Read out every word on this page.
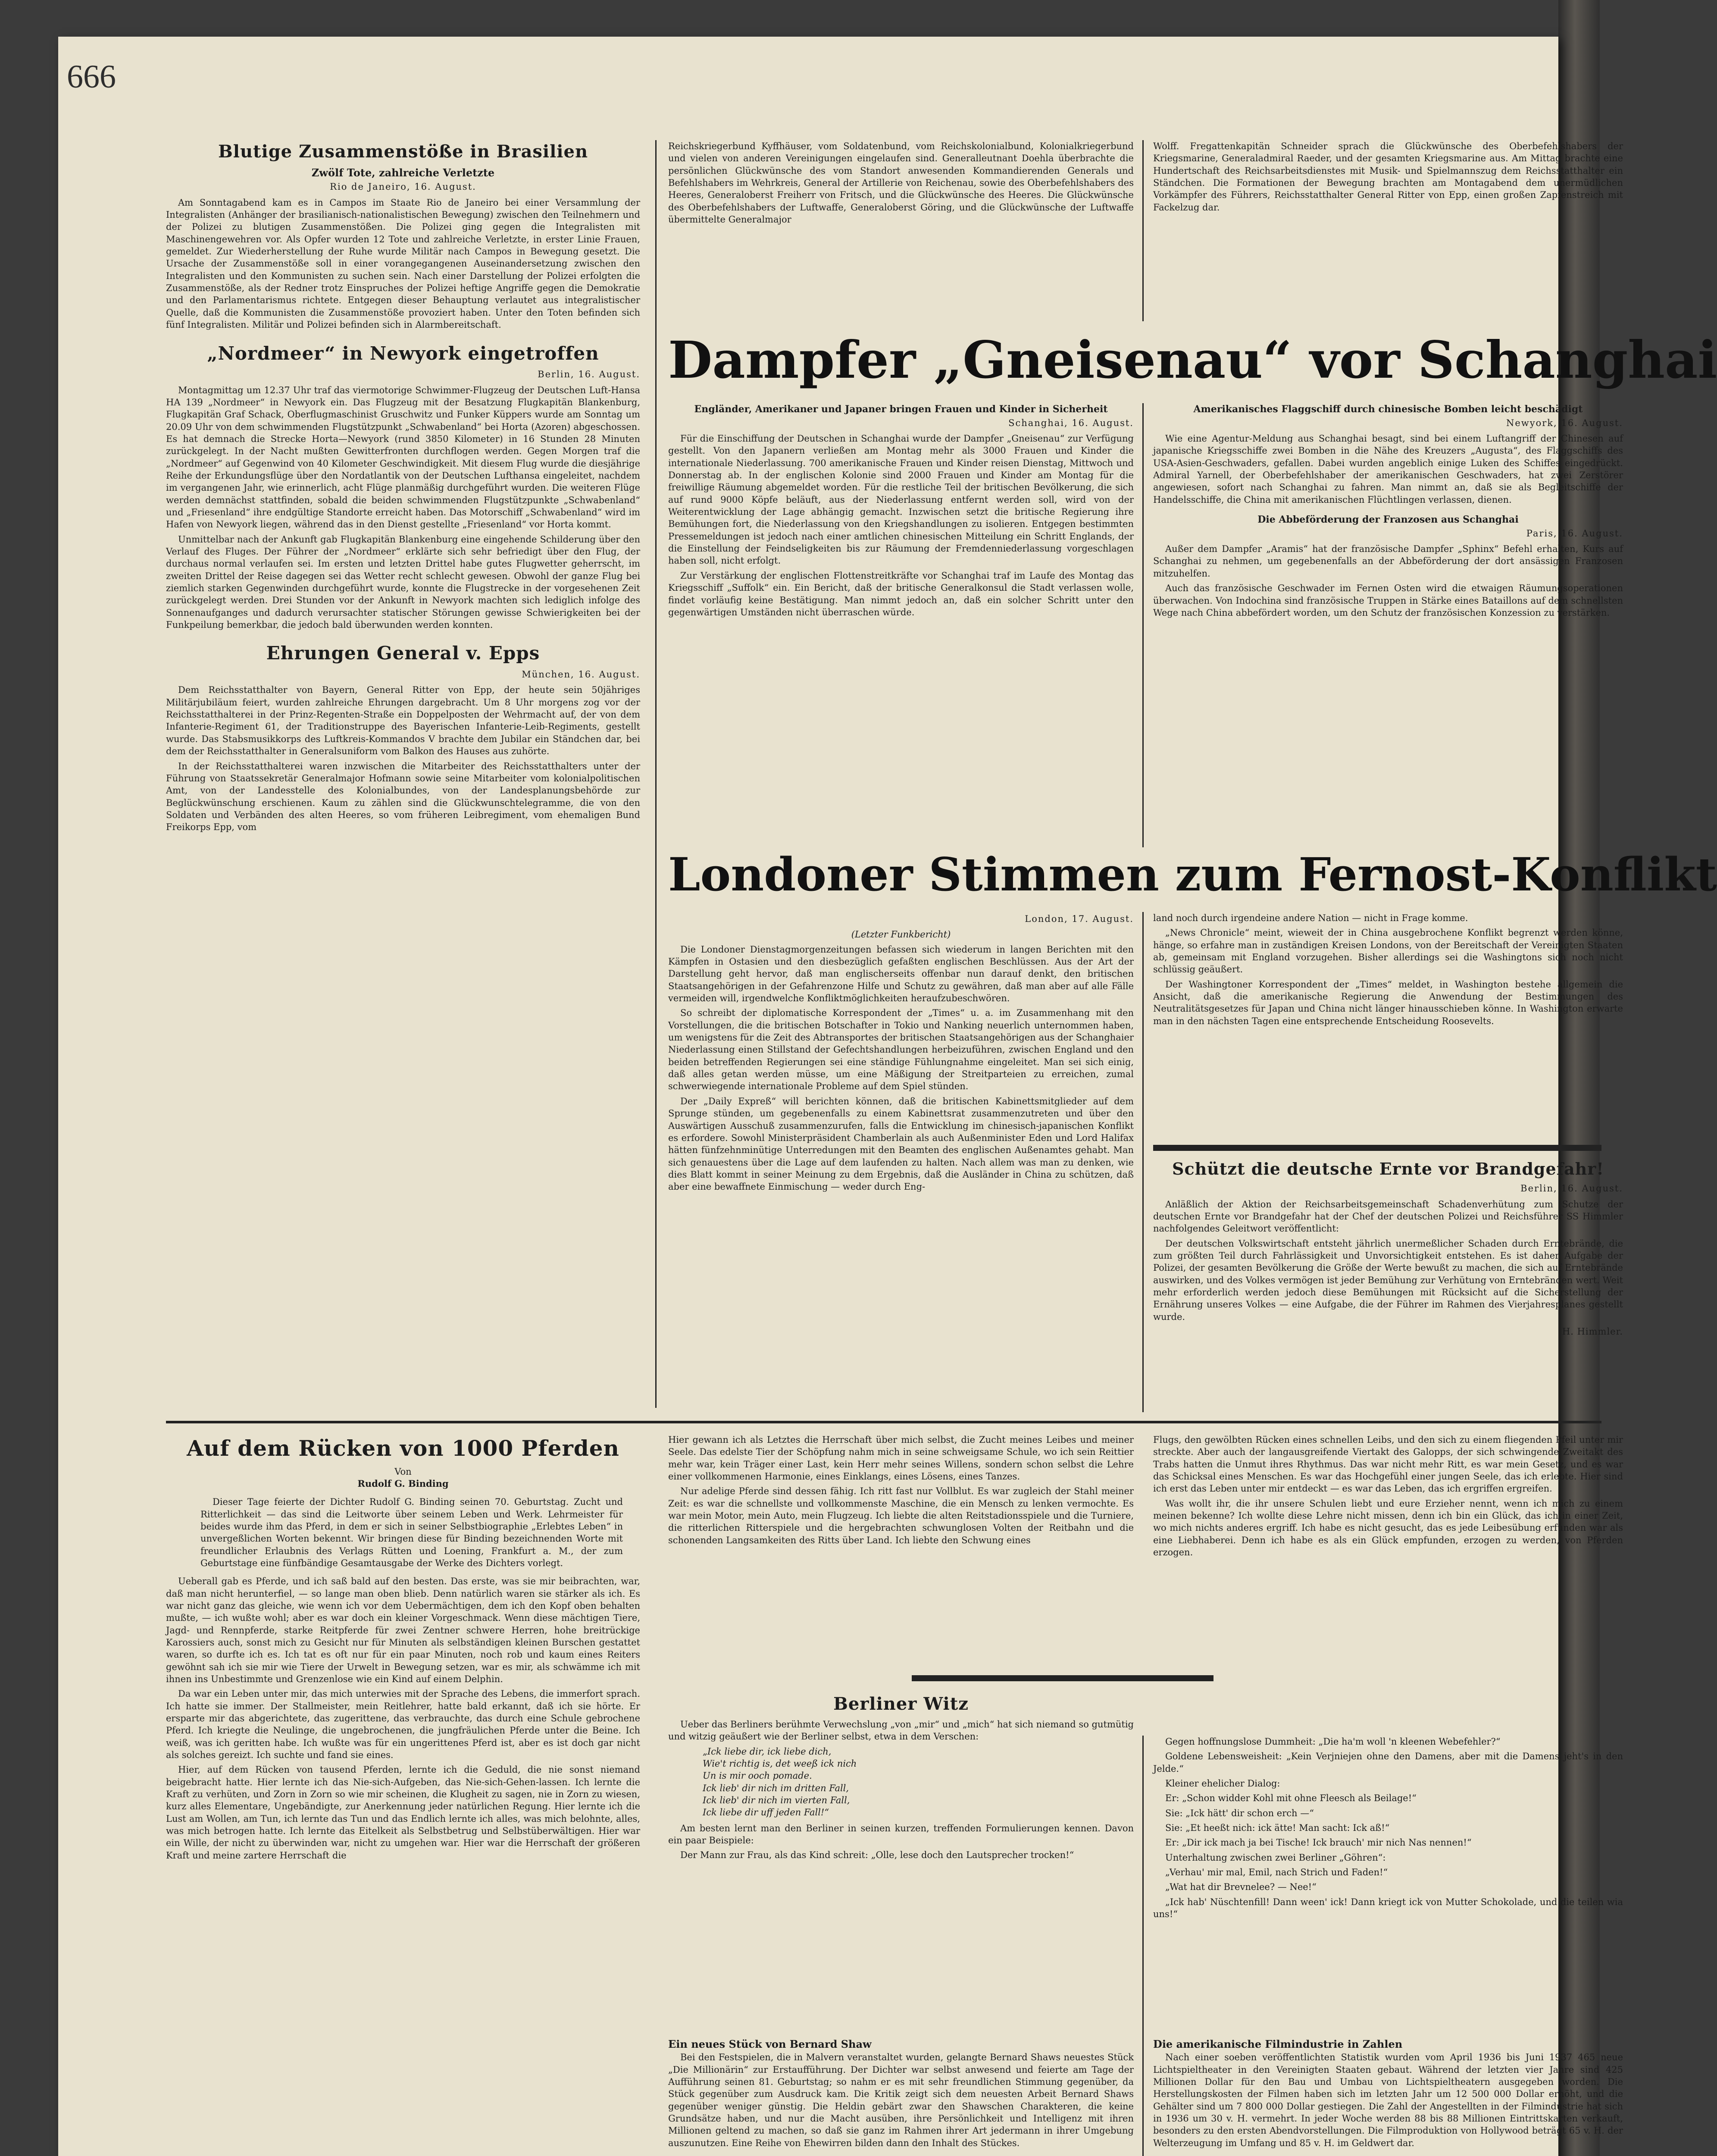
666
Blutige Zusammenstöße in Brasilien
Zwölf Tote, zahlreiche Verletzte
Rio de Janeiro, 16. August.

Am Sonntagabend kam es in Campos im Staate Rio de Janeiro bei einer Versammlung der Integralisten (Anhänger der brasilianisch-nationalistischen Bewegung) zwischen den Teilnehmern und der Polizei zu blutigen Zusammenstößen. Die Polizei ging gegen die Integralisten mit Maschinengewehren vor. Als Opfer wurden 12 Tote und zahlreiche Verletzte, in erster Linie Frauen, gemeldet. Zur Wiederherstellung der Ruhe wurde Militär nach Campos in Bewegung gesetzt. Die Ursache der Zusammenstöße soll in einer vorangegangenen Auseinandersetzung zwischen den Integralisten und den Kommunisten zu suchen sein. Nach einer Darstellung der Polizei erfolgten die Zusammenstöße, als der Redner trotz Einspruches der Polizei heftige Angriffe gegen die Demokratie und den Parlamentarismus richtete. Entgegen dieser Behauptung verlautet aus integralistischer Quelle, daß die Kommunisten die Zusammenstöße provoziert haben. Unter den Toten befinden sich fünf Integralisten. Militär und Polizei befinden sich in Alarmbereitschaft.

„Nordmeer“ in Newyork eingetroffen
Berlin, 16. August.

Montagmittag um 12.37 Uhr traf das viermotorige Schwimmer-Flugzeug der Deutschen Luft-Hansa HA 139 „Nordmeer“ in Newyork ein. Das Flugzeug mit der Besatzung Flugkapitän Blankenburg, Flugkapitän Graf Schack, Oberflugmaschinist Gruschwitz und Funker Küppers wurde am Sonntag um 20.09 Uhr von dem schwimmenden Flugstützpunkt „Schwabenland“ bei Horta (Azoren) abgeschossen. Es hat demnach die Strecke Horta—Newyork (rund 3850 Kilometer) in 16 Stunden 28 Minuten zurückgelegt. In der Nacht mußten Gewitterfronten durchflogen werden. Gegen Morgen traf die „Nordmeer“ auf Gegenwind von 40 Kilometer Geschwindigkeit. Mit diesem Flug wurde die diesjährige Reihe der Erkundungsflüge über den Nordatlantik von der Deutschen Lufthansa eingeleitet, nachdem im vergangenen Jahr, wie erinnerlich, acht Flüge planmäßig durchgeführt wurden. Die weiteren Flüge werden demnächst stattfinden, sobald die beiden schwimmenden Flugstützpunkte „Schwabenland“ und „Friesenland“ ihre endgültige Standorte erreicht haben. Das Motorschiff „Schwabenland“ wird im Hafen von Newyork liegen, während das in den Dienst gestellte „Friesenland“ vor Horta kommt.

Unmittelbar nach der Ankunft gab Flugkapitän Blankenburg eine eingehende Schilderung über den Verlauf des Fluges. Der Führer der „Nordmeer“ erklärte sich sehr befriedigt über den Flug, der durchaus normal verlaufen sei. Im ersten und letzten Drittel habe gutes Flugwetter geherrscht, im zweiten Drittel der Reise dagegen sei das Wetter recht schlecht gewesen. Obwohl der ganze Flug bei ziemlich starken Gegenwinden durchgeführt wurde, konnte die Flugstrecke in der vorgesehenen Zeit zurückgelegt werden. Drei Stunden vor der Ankunft in Newyork machten sich lediglich infolge des Sonnenaufganges und dadurch verursachter statischer Störungen gewisse Schwierigkeiten bei der Funkpeilung bemerkbar, die jedoch bald überwunden werden konnten.

Ehrungen General v. Epps
München, 16. August.

Dem Reichsstatthalter von Bayern, General Ritter von Epp, der heute sein 50jähriges Militärjubiläum feiert, wurden zahlreiche Ehrungen dargebracht. Um 8 Uhr morgens zog vor der Reichsstatthalterei in der Prinz-Regenten-Straße ein Doppelposten der Wehrmacht auf, der von dem Infanterie-Regiment 61, der Traditionstruppe des Bayerischen Infanterie-Leib-Regiments, gestellt wurde. Das Stabsmusikkorps des Luftkreis-Kommandos V brachte dem Jubilar ein Ständchen dar, bei dem der Reichsstatthalter in Generalsuniform vom Balkon des Hauses aus zuhörte.

In der Reichsstatthalterei waren inzwischen die Mitarbeiter des Reichsstatthalters unter der Führung von Staatssekretär Generalmajor Hofmann sowie seine Mitarbeiter vom kolonialpolitischen Amt, von der Landesstelle des Kolonialbundes, von der Landesplanungsbehörde zur Beglückwünschung erschienen. Kaum zu zählen sind die Glückwunschtelegramme, die von den Soldaten und Verbänden des alten Heeres, so vom früheren Leibregiment, vom ehemaligen Bund Freikorps Epp, vom

Reichskriegerbund Kyffhäuser, vom Soldatenbund, vom Reichskolonialbund, Kolonialkriegerbund und vielen von anderen Vereinigungen eingelaufen sind. Generalleutnant Doehla überbrachte die persönlichen Glückwünsche des vom Standort anwesenden Kommandierenden Generals und Befehlshabers im Wehrkreis, General der Artillerie von Reichenau, sowie des Oberbefehlshabers des Heeres, Generaloberst Freiherr von Fritsch, und die Glückwünsche des Heeres. Die Glückwünsche des Oberbefehlshabers der Luftwaffe, Generaloberst Göring, und die Glückwünsche der Luftwaffe übermittelte Generalmajor

Wolff. Fregattenkapitän Schneider sprach die Glückwünsche des Oberbefehlshabers der Kriegsmarine, Generaladmiral Raeder, und der gesamten Kriegsmarine aus. Am Mittag brachte eine Hundertschaft des Reichsarbeitsdienstes mit Musik- und Spielmannszug dem Reichsstatthalter ein Ständchen. Die Formationen der Bewegung brachten am Montagabend dem unermüdlichen Vorkämpfer des Führers, Reichsstatthalter General Ritter von Epp, einen großen Zapfenstreich mit Fackelzug dar.

Dampfer „Gneisenau“ vor Schanghai
Engländer, Amerikaner und Japaner bringen Frauen und Kinder in Sicherheit
Schanghai, 16. August.

Für die Einschiffung der Deutschen in Schanghai wurde der Dampfer „Gneisenau“ zur Verfügung gestellt. Von den Japanern verließen am Montag mehr als 3000 Frauen und Kinder die internationale Niederlassung. 700 amerikanische Frauen und Kinder reisen Dienstag, Mittwoch und Donnerstag ab. In der englischen Kolonie sind 2000 Frauen und Kinder am Montag für die freiwillige Räumung abgemeldet worden. Für die restliche Teil der britischen Bevölkerung, die sich auf rund 9000 Köpfe beläuft, aus der Niederlassung entfernt werden soll, wird von der Weiterentwicklung der Lage abhängig gemacht. Inzwischen setzt die britische Regierung ihre Bemühungen fort, die Niederlassung von den Kriegshandlungen zu isolieren. Entgegen bestimmten Pressemeldungen ist jedoch nach einer amtlichen chinesischen Mitteilung ein Schritt Englands, der die Einstellung der Feindseligkeiten bis zur Räumung der Fremdenniederlassung vorgeschlagen haben soll, nicht erfolgt.

Zur Verstärkung der englischen Flottenstreitkräfte vor Schanghai traf im Laufe des Montag das Kriegsschiff „Suffolk“ ein. Ein Bericht, daß der britische Generalkonsul die Stadt verlassen wolle, findet vorläufig keine Bestätigung. Man nimmt jedoch an, daß ein solcher Schritt unter den gegenwärtigen Umständen nicht überraschen würde.

Amerikanisches Flaggschiff durch chinesische Bomben leicht beschädigt
Newyork, 16. August.

Wie eine Agentur-Meldung aus Schanghai besagt, sind bei einem Luftangriff der Chinesen auf japanische Kriegsschiffe zwei Bomben in die Nähe des Kreuzers „Augusta“, des Flaggschiffs des USA-Asien-Geschwaders, gefallen. Dabei wurden angeblich einige Luken des Schiffes eingedrückt. Admiral Yarnell, der Oberbefehlshaber der amerikanischen Geschwaders, hat zwei Zerstörer angewiesen, sofort nach Schanghai zu fahren. Man nimmt an, daß sie als Begleitschiffe der Handelsschiffe, die China mit amerikanischen Flüchtlingen verlassen, dienen.

Die Abbeförderung der Franzosen aus Schanghai
Paris, 16. August.

Außer dem Dampfer „Aramis“ hat der französische Dampfer „Sphinx“ Befehl erhalten, Kurs auf Schanghai zu nehmen, um gegebenenfalls an der Abbeförderung der dort ansässigen Franzosen mitzuhelfen.

Auch das französische Geschwader im Fernen Osten wird die etwaigen Räumungsoperationen überwachen. Von Indochina sind französische Truppen in Stärke eines Bataillons auf dem schnellsten Wege nach China abbefördert worden, um den Schutz der französischen Konzession zu verstärken.

Londoner Stimmen zum Fernost-Konflikt
London, 17. August.
(Letzter Funkbericht)

Die Londoner Dienstagmorgenzeitungen befassen sich wiederum in langen Berichten mit den Kämpfen in Ostasien und den diesbezüglich gefaßten englischen Beschlüssen. Aus der Art der Darstellung geht hervor, daß man englischerseits offenbar nun darauf denkt, den britischen Staatsangehörigen in der Gefahrenzone Hilfe und Schutz zu gewähren, daß man aber auf alle Fälle vermeiden will, irgendwelche Konfliktmöglichkeiten heraufzubeschwören.

So schreibt der diplomatische Korrespondent der „Times“ u. a. im Zusammenhang mit den Vorstellungen, die die britischen Botschafter in Tokio und Nanking neuerlich unternommen haben, um wenigstens für die Zeit des Abtransportes der britischen Staatsangehörigen aus der Schanghaier Niederlassung einen Stillstand der Gefechtshandlungen herbeizuführen, zwischen England und den beiden betreffenden Regierungen sei eine ständige Fühlungnahme eingeleitet. Man sei sich einig, daß alles getan werden müsse, um eine Mäßigung der Streitparteien zu erreichen, zumal schwerwiegende internationale Probleme auf dem Spiel stünden.

Der „Daily Expreß“ will berichten können, daß die britischen Kabinettsmitglieder auf dem Sprunge stünden, um gegebenenfalls zu einem Kabinettsrat zusammenzutreten und über den Auswärtigen Ausschuß zusammenzurufen, falls die Entwicklung im chinesisch-japanischen Konflikt es erfordere. Sowohl Ministerpräsident Chamberlain als auch Außenminister Eden und Lord Halifax hätten fünfzehnminütige Unterredungen mit den Beamten des englischen Außenamtes gehabt. Man sich genauestens über die Lage auf dem laufenden zu halten. Nach allem was man zu denken, wie dies Blatt kommt in seiner Meinung zu dem Ergebnis, daß die Ausländer in China zu schützen, daß aber eine bewaffnete Einmischung — weder durch Eng-

land noch durch irgendeine andere Nation — nicht in Frage komme.

„News Chronicle“ meint, wieweit der in China ausgebrochene Konflikt begrenzt werden könne, hänge, so erfahre man in zuständigen Kreisen Londons, von der Bereitschaft der Vereinigten Staaten ab, gemeinsam mit England vorzugehen. Bisher allerdings sei die Washingtons sich noch nicht schlüssig geäußert.

Der Washingtoner Korrespondent der „Times“ meldet, in Washington bestehe allgemein die Ansicht, daß die amerikanische Regierung die Anwendung der Bestimmungen des Neutralitätsgesetzes für Japan und China nicht länger hinausschieben könne. In Washington erwarte man in den nächsten Tagen eine entsprechende Entscheidung Roosevelts.

Schützt die deutsche Ernte vor Brandgefahr!
Berlin, 16. August.

Anläßlich der Aktion der Reichsarbeitsgemeinschaft Schadenverhütung zum Schutze der deutschen Ernte vor Brandgefahr hat der Chef der deutschen Polizei und Reichsführer SS Himmler nachfolgendes Geleitwort veröffentlicht:

Der deutschen Volkswirtschaft entsteht jährlich unermeßlicher Schaden durch Erntebrände, die zum größten Teil durch Fahrlässigkeit und Unvorsichtigkeit entstehen. Es ist daher Aufgabe der Polizei, der gesamten Bevölkerung die Größe der Werte bewußt zu machen, die sich auf Erntebrände auswirken, und des Volkes vermögen ist jeder Bemühung zur Verhütung von Erntebränden wert. Weit mehr erforderlich werden jedoch diese Bemühungen mit Rücksicht auf die Sicherstellung der Ernährung unseres Volkes — eine Aufgabe, die der Führer im Rahmen des Vierjahresplanes gestellt wurde.

H. Himmler.
Auf dem Rücken von 1000 Pferden
Von
Rudolf G. Binding

Dieser Tage feierte der Dichter Rudolf G. Binding seinen 70. Geburtstag. Zucht und Ritterlichkeit — das sind die Leitworte über seinem Leben und Werk. Lehrmeister für beides wurde ihm das Pferd, in dem er sich in seiner Selbstbiographie „Erlebtes Leben“ in unvergeßlichen Worten bekennt. Wir bringen diese für Binding bezeichnenden Worte mit freundlicher Erlaubnis des Verlags Rütten und Loening, Frankfurt a. M., der zum Geburtstage eine fünfbändige Gesamtausgabe der Werke des Dichters vorlegt.

Ueberall gab es Pferde, und ich saß bald auf den besten. Das erste, was sie mir beibrachten, war, daß man nicht herunterfiel, — so lange man oben blieb. Denn natürlich waren sie stärker als ich. Es war nicht ganz das gleiche, wie wenn ich vor dem Uebermächtigen, dem ich den Kopf oben behalten mußte, — ich wußte wohl; aber es war doch ein kleiner Vorgeschmack. Wenn diese mächtigen Tiere, Jagd- und Rennpferde, starke Reitpferde für zwei Zentner schwere Herren, hohe breitrückige Karossiers auch, sonst mich zu Gesicht nur für Minuten als selbständigen kleinen Burschen gestattet waren, so durfte ich es. Ich tat es oft nur für ein paar Minuten, noch rob und kaum eines Reiters gewöhnt sah ich sie mir wie Tiere der Urwelt in Bewegung setzen, war es mir, als schwämme ich mit ihnen ins Unbestimmte und Grenzenlose wie ein Kind auf einem Delphin.

Da war ein Leben unter mir, das mich unterwies mit der Sprache des Lebens, die immerfort sprach. Ich hatte sie immer. Der Stallmeister, mein Reitlehrer, hatte bald erkannt, daß ich sie hörte. Er ersparte mir das abgerichtete, das zugerittene, das verbrauchte, das durch eine Schule gebrochene Pferd. Ich kriegte die Neulinge, die ungebrochenen, die jungfräulichen Pferde unter die Beine. Ich weiß, was ich geritten habe. Ich wußte was für ein ungerittenes Pferd ist, aber es ist doch gar nicht als solches gereizt. Ich suchte und fand sie eines.

Hier, auf dem Rücken von tausend Pferden, lernte ich die Geduld, die nie sonst niemand beigebracht hatte. Hier lernte ich das Nie-sich-Aufgeben, das Nie-sich-Gehen-lassen. Ich lernte die Kraft zu verhüten, und Zorn in Zorn so wie mir scheinen, die Klugheit zu sagen, nie in Zorn zu wiesen, kurz alles Elementare, Ungebändigte, zur Anerkennung jeder natürlichen Regung. Hier lernte ich die Lust am Wollen, am Tun, ich lernte das Tun und das Endlich lernte ich alles, was mich belohnte, alles, was mich betrogen hatte. Ich lernte das Eitelkeit als Selbstbetrug und Selbstüberwältigen. Hier war ein Wille, der nicht zu überwinden war, nicht zu umgehen war. Hier war die Herrschaft der größeren Kraft und meine zartere Herrschaft die

Hier gewann ich als Letztes die Herrschaft über mich selbst, die Zucht meines Leibes und meiner Seele. Das edelste Tier der Schöpfung nahm mich in seine schweigsame Schule, wo ich sein Reittier mehr war, kein Träger einer Last, kein Herr mehr seines Willens, sondern schon selbst die Lehre einer vollkommenen Harmonie, eines Einklangs, eines Lösens, eines Tanzes.

Nur adelige Pferde sind dessen fähig. Ich ritt fast nur Vollblut. Es war zugleich der Stahl meiner Zeit: es war die schnellste und vollkommenste Maschine, die ein Mensch zu lenken vermochte. Es war mein Motor, mein Auto, mein Flugzeug. Ich liebte die alten Reitstadionsspiele und die Turniere, die ritterlichen Ritterspiele und die hergebrachten schwunglosen Volten der Reitbahn und die schonenden Langsamkeiten des Ritts über Land. Ich liebte den Schwung eines

Flugs, den gewölbten Rücken eines schnellen Leibs, und den sich zu einem fliegenden Pfeil unter mir streckte. Aber auch der langausgreifende Viertakt des Galopps, der sich schwingende Zweitakt des Trabs hatten die Unmut ihres Rhythmus. Das war nicht mehr Ritt, es war mein Gesetz, und es war das Schicksal eines Menschen. Es war das Hochgefühl einer jungen Seele, das ich erlebte. Hier sind ich erst das Leben unter mir entdeckt — es war das Leben, das ich ergriffen ergreifen.

Was wollt ihr, die ihr unsere Schulen liebt und eure Erzieher nennt, wenn ich mich zu einem meinen bekenne? Ich wollte diese Lehre nicht missen, denn ich bin ein Glück, das ich in einer Zeit, wo mich nichts anderes ergriff. Ich habe es nicht gesucht, das es jede Leibesübung erfunden war als eine Liebhaberei. Denn ich habe es als ein Glück empfunden, erzogen zu werden, von Pferden erzogen.

Berliner Witz

Ueber das Berliners berühmte Verwechslung „von „mir“ und „mich“ hat sich niemand so gutmütig und witzig geäußert wie der Berliner selbst, etwa in dem Verschen:

„Ick liebe dir, ick liebe dich,
Wie't richtig is, det weeß ick nich
Un is mir ooch pomade.
Ick lieb' dir nich im dritten Fall,
Ick lieb' dir nich im vierten Fall,
Ick liebe dir uff jeden Fall!“

Am besten lernt man den Berliner in seinen kurzen, treffenden Formulierungen kennen. Davon ein paar Beispiele:

Der Mann zur Frau, als das Kind schreit: „Olle, lese doch den Lautsprecher trocken!“

Gegen hoffnungslose Dummheit: „Die ha'm woll 'n kleenen Webefehler?“

Goldene Lebensweisheit: „Kein Verjniejen ohne den Damens, aber mit die Damens jeht's in den Jelde.“

Kleiner ehelicher Dialog:

Er: „Schon widder Kohl mit ohne Fleesch als Beilage!“

Sie: „Ick hätt' dir schon erch —“

Sie: „Et heeßt nich: ick ätte! Man sacht: Ick aß!“

Er: „Dir ick mach ja bei Tische! Ick brauch' mir nich Nas nennen!“

Unterhaltung zwischen zwei Berliner „Göhren“:

„Verhau' mir mal, Emil, nach Strich und Faden!“

„Wat hat dir Brevnelee? — Nee!“

„Ick hab' Nüschtenfill! Dann ween' ick! Dann kriegt ick von Mutter Schokolade, und die teilen wia uns!“

Ein neues Stück von Bernard Shaw

Bei den Festspielen, die in Malvern veranstaltet wurden, gelangte Bernard Shaws neuestes Stück „Die Millionärin“ zur Erstaufführung. Der Dichter war selbst anwesend und feierte am Tage der Aufführung seinen 81. Geburtstag; so nahm er es mit sehr freundlichen Stimmung gegenüber, da Stück gegenüber zum Ausdruck kam. Die Kritik zeigt sich dem neuesten Arbeit Bernard Shaws gegenüber weniger günstig. Die Heldin gebärt zwar den Shawschen Charakteren, die keine Grundsätze haben, und nur die Macht ausüben, ihre Persönlichkeit und Intelligenz mit ihren Millionen geltend zu machen, so daß sie ganz im Rahmen ihrer Art jedermann in ihrer Umgebung auszunutzen. Eine Reihe von Ehewirren bilden dann den Inhalt des Stückes.

Die amerikanische Filmindustrie in Zahlen

Nach einer soeben veröffentlichten Statistik wurden vom April 1936 bis Juni 1937 465 neue Lichtspieltheater in den Vereinigten Staaten gebaut. Während der letzten vier Jahre sind 425 Millionen Dollar für den Bau und Umbau von Lichtspieltheatern ausgegeben worden. Die Herstellungskosten der Filmen haben sich im letzten Jahr um 12 500 000 Dollar erhöht, und die Gehälter sind um 7 800 000 Dollar gestiegen. Die Zahl der Angestellten in der Filmindustrie hat sich in 1936 um 30 v. H. vermehrt. In jeder Woche werden 88 bis 88 Millionen Eintrittskarten verkauft, besonders zu den ersten Abendvorstellungen. Die Filmproduktion von Hollywood beträgt 65 v. H. der Welterzeugung im Umfang und 85 v. H. im Geldwert dar.
